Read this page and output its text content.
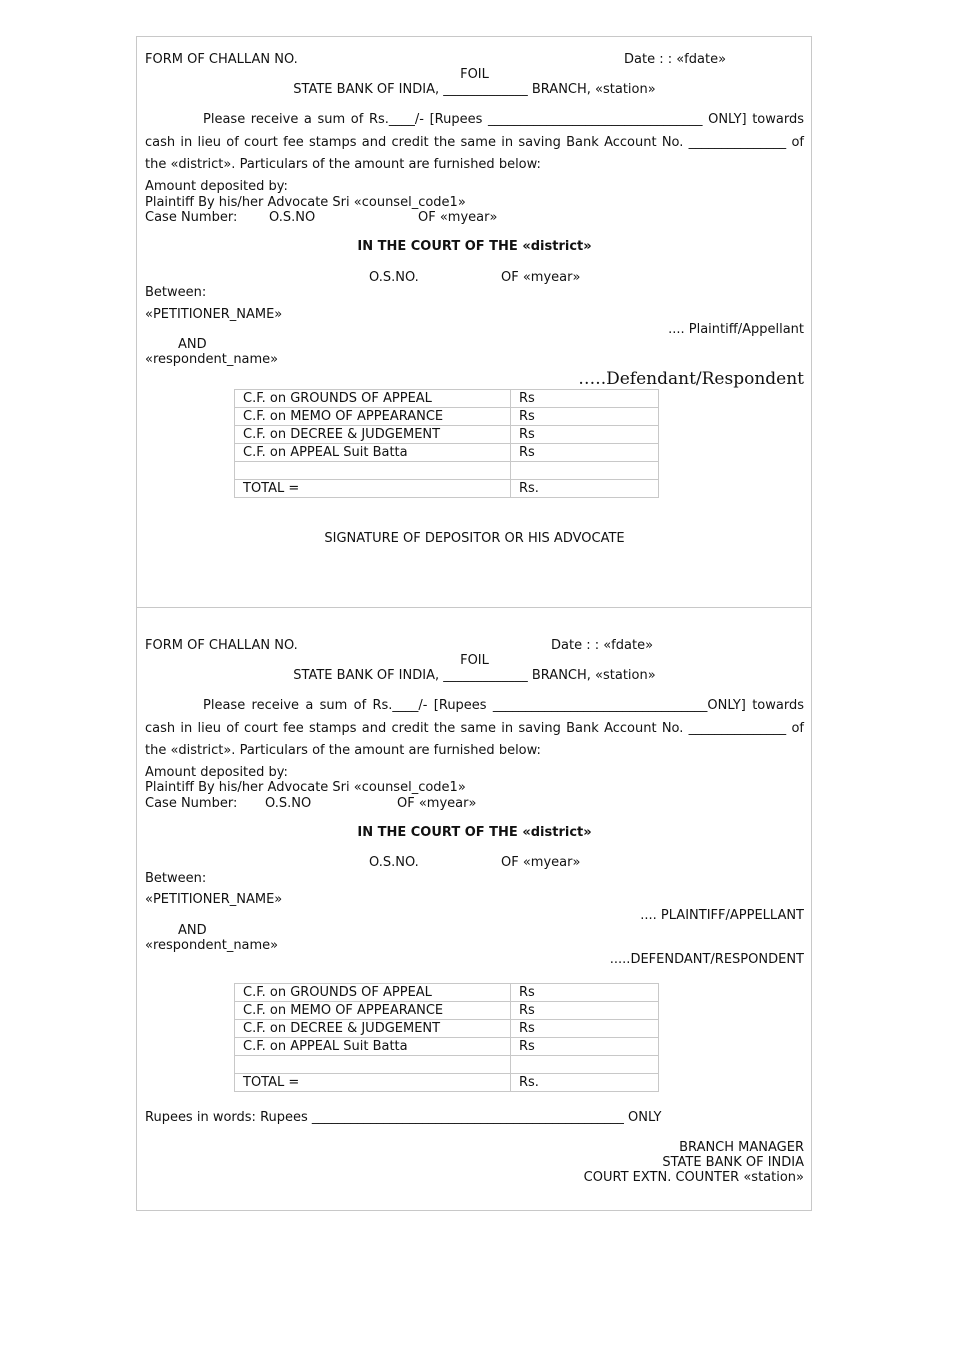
FORM OF CHALLAN NO.	Date : : «fdate»
FOIL
STATE BANK OF INDIA, _____________ BRANCH, «station»
Please receive a sum of Rs.____/- [Rupees _________________________________ ONLY] towards
cash in lieu of court fee stamps and credit the same in saving Bank Account No. _______________ of
the «district». Particulars of the amount are furnished below:
Amount deposited by:
Plaintiff By his/her Advocate Sri «counsel_code1»
Case Number: O.S.NO	OF «myear»
IN THE COURT OF THE «district»
O.S.NO.	OF «myear»
Between:
«PETITIONER_NAME»
.... Plaintiff/Appellant
AND
«respondent_name»
…..Defendant/Respondent
C.F. on GROUNDS OF APPEAL	Rs
C.F. on MEMO OF APPEARANCE	Rs
C.F. on DECREE & JUDGEMENT	Rs
C.F. on APPEAL Suit Batta	Rs

TOTAL =	Rs.
SIGNATURE OF DEPOSITOR OR HIS ADVOCATE
FORM OF CHALLAN NO.	Date : : «fdate»
FOIL
STATE BANK OF INDIA, _____________ BRANCH, «station»
Please receive a sum of Rs.____/- [Rupees _________________________________ONLY] towards
cash in lieu of court fee stamps and credit the same in saving Bank Account No. _______________ of
the «district». Particulars of the amount are furnished below:
Amount deposited by:
Plaintiff By his/her Advocate Sri «counsel_code1»
Case Number: O.S.NO	OF «myear»
IN THE COURT OF THE «district»
O.S.NO.	OF «myear»
Between:
«PETITIONER_NAME»
.... PLAINTIFF/APPELLANT
AND
«respondent_name»
.....DEFENDANT/RESPONDENT
C.F. on GROUNDS OF APPEAL	Rs
C.F. on MEMO OF APPEARANCE	Rs
C.F. on DECREE & JUDGEMENT	Rs
C.F. on APPEAL Suit Batta	Rs

TOTAL =	Rs.
Rupees in words: Rupees ________________________________________________ ONLY
BRANCH MANAGER
STATE BANK OF INDIA
COURT EXTN. COUNTER «station»
